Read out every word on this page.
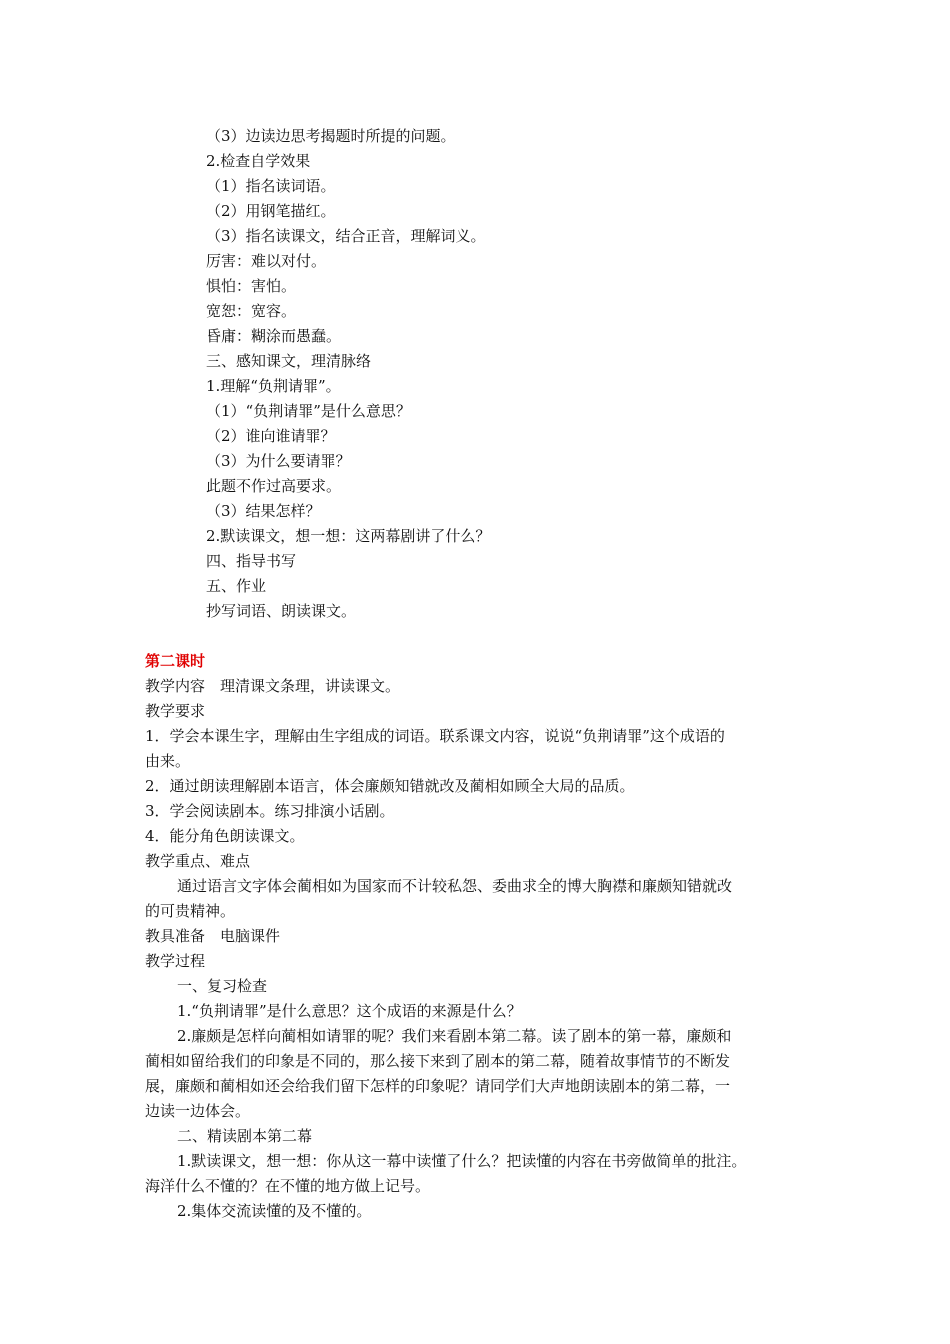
（3）边读边思考揭题时所提的问题。
2.检查自学效果
（1）指名读词语。
（2）用钢笔描红。
（3）指名读课文，结合正音，理解词义。
厉害：难以对付。
惧怕：害怕。
宽恕：宽容。
昏庸：糊涂而愚蠢。
三、感知课文，理清脉络
1.理解“负荆请罪”。
（1）“负荆请罪”是什么意思？
（2）谁向谁请罪？
（3）为什么要请罪？
此题不作过高要求。
（3）结果怎样？
2.默读课文，想一想：这两幕剧讲了什么？
四、指导书写
五、作业
抄写词语、朗读课文。
第二课时
教学内容　理清课文条理，讲读课文。
教学要求
1．学会本课生字，理解由生字组成的词语。联系课文内容，说说“负荆请罪”这个成语的
由来。
2．通过朗读理解剧本语言，体会廉颇知错就改及蔺相如顾全大局的品质。
3．学会阅读剧本。练习排演小话剧。
4．能分角色朗读课文。
教学重点、难点
通过语言文字体会蔺相如为国家而不计较私怨、委曲求全的博大胸襟和廉颇知错就改
的可贵精神。
教具准备　电脑课件
教学过程
一、复习检查
1.“负荆请罪”是什么意思？这个成语的来源是什么？
2.廉颇是怎样向蔺相如请罪的呢？我们来看剧本第二幕。读了剧本的第一幕，廉颇和
蔺相如留给我们的印象是不同的，那么接下来到了剧本的第二幕，随着故事情节的不断发
展，廉颇和蔺相如还会给我们留下怎样的印象呢？请同学们大声地朗读剧本的第二幕，一
边读一边体会。
二、精读剧本第二幕
1.默读课文，想一想：你从这一幕中读懂了什么？把读懂的内容在书旁做简单的批注。
海洋什么不懂的？在不懂的地方做上记号。
2.集体交流读懂的及不懂的。
